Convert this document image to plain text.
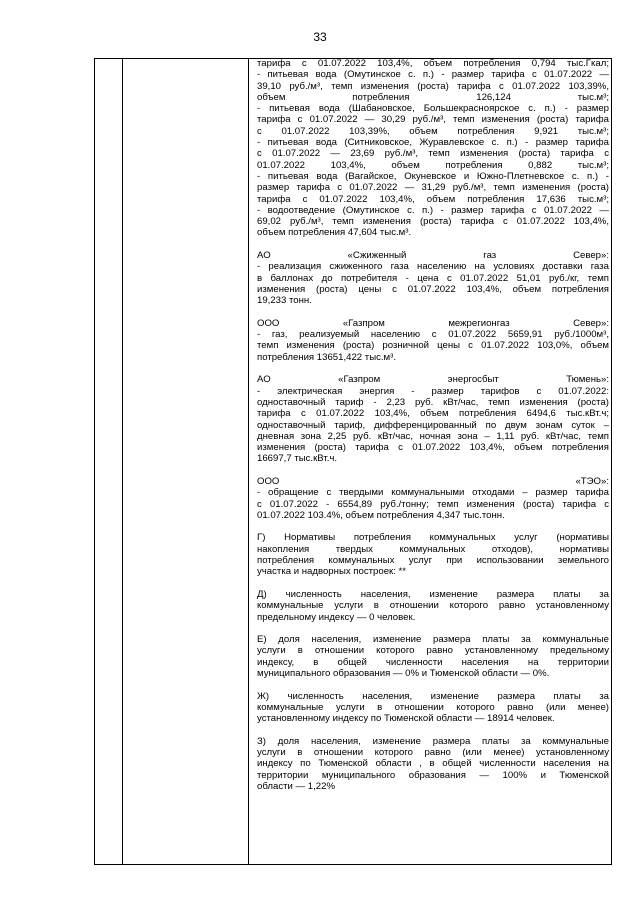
33
тарифа с 01.07.2022 103,4%, объем потребления 0,794 тыс.Гкал;
- питьевая вода (Омутинское с. п.) - размер тарифа с 01.07.2022 —
39,10 руб./м³, темп изменения (роста) тарифа с 01.07.2022 103,39%,
объем потребления 126,124 тыс.м³;
- питьевая вода (Шабановское, Большекрасноярское с. п.) - размер
тарифа с 01.07.2022 — 30,29 руб./м³, темп изменения (роста) тарифа
с 01.07.2022 103,39%, объем потребления 9,921 тыс.м³;
- питьевая вода (Ситниковское, Журавлевское с. п.) - размер тарифа
с 01.07.2022 — 23,69 руб./м³, темп изменения (роста) тарифа с
01.07.2022 103,4%, объем потребления 0,882 тыс.м³;
- питьевая вода (Вагайское, Окуневское и Южно-Плетневское с. п.) -
размер тарифа с 01.07.2022 — 31,29 руб./м³, темп изменения (роста)
тарифа с 01.07.2022 103,4%, объем потребления 17,636 тыс.м³;
- водоотведение (Омутинское с. п.) - размер тарифа с 01.07.2022 —
69,02 руб./м³, темп изменения (роста) тарифа с 01.07.2022 103,4%,
объем потребления 47,604 тыс.м³.
АО «Сжиженный газ Север»:
- реализация сжиженного газа населению на условиях доставки газа
в баллонах до потребителя - цена с 01.07.2022 51,01 руб./кг, темп
изменения (роста) цены с 01.07.2022 103,4%, объем потребления
19,233 тонн.
ООО «Газпром межрегионгаз Север»:
- газ, реализуемый населению с 01.07.2022 5659,91 руб./1000м³,
темп изменения (роста) розничной цены с 01.07.2022 103,0%, объем
потребления 13651,422 тыс.м³.
АО «Газпром энергосбыт Тюмень»:
- электрическая энергия - размер тарифов с 01.07.2022:
одноставочный тариф - 2,23 руб. кВт/час, темп изменения (роста)
тарифа с 01.07.2022 103,4%, объем потребления 6494,6 тыс.кВт.ч;
одноставочный тариф, дифференцированный по двум зонам суток –
дневная зона 2,25 руб. кВт/час, ночная зона – 1,11 руб. кВт/час, темп
изменения (роста) тарифа с 01.07.2022 103,4%, объем потребления
16697,7 тыс.кВт.ч.
ООО «ТЭО»:
- обращение с твердыми коммунальными отходами – размер тарифа
с 01.07.2022 - 6554,89 руб./тонну; темп изменения (роста) тарифа с
01.07.2022 103.4%, объем потребления 4,347 тыс.тонн.
Г) Нормативы потребления коммунальных услуг (нормативы
накопления твердых коммунальных отходов), нормативы
потребления коммунальных услуг при использовании земельного
участка и надворных построек: **
Д) численность населения, изменение размера платы за
коммунальные услуги в отношении которого равно установленному
предельному индексу — 0 человек.
Е) доля населения, изменение размера платы за коммунальные
услуги в отношении которого равно установленному предельному
индексу, в общей численности населения на территории
муниципального образования — 0% и Тюменской области — 0%.
Ж) численность населения, изменение размера платы за
коммунальные услуги в отношении которого равно (или менее)
установленному индексу по Тюменской области — 18914 человек.
З) доля населения, изменение размера платы за коммунальные
услуги в отношении которого равно (или менее) установленному
индексу по Тюменской области , в общей численности населения на
территории муниципального образования — 100% и Тюменской
области — 1,22%
